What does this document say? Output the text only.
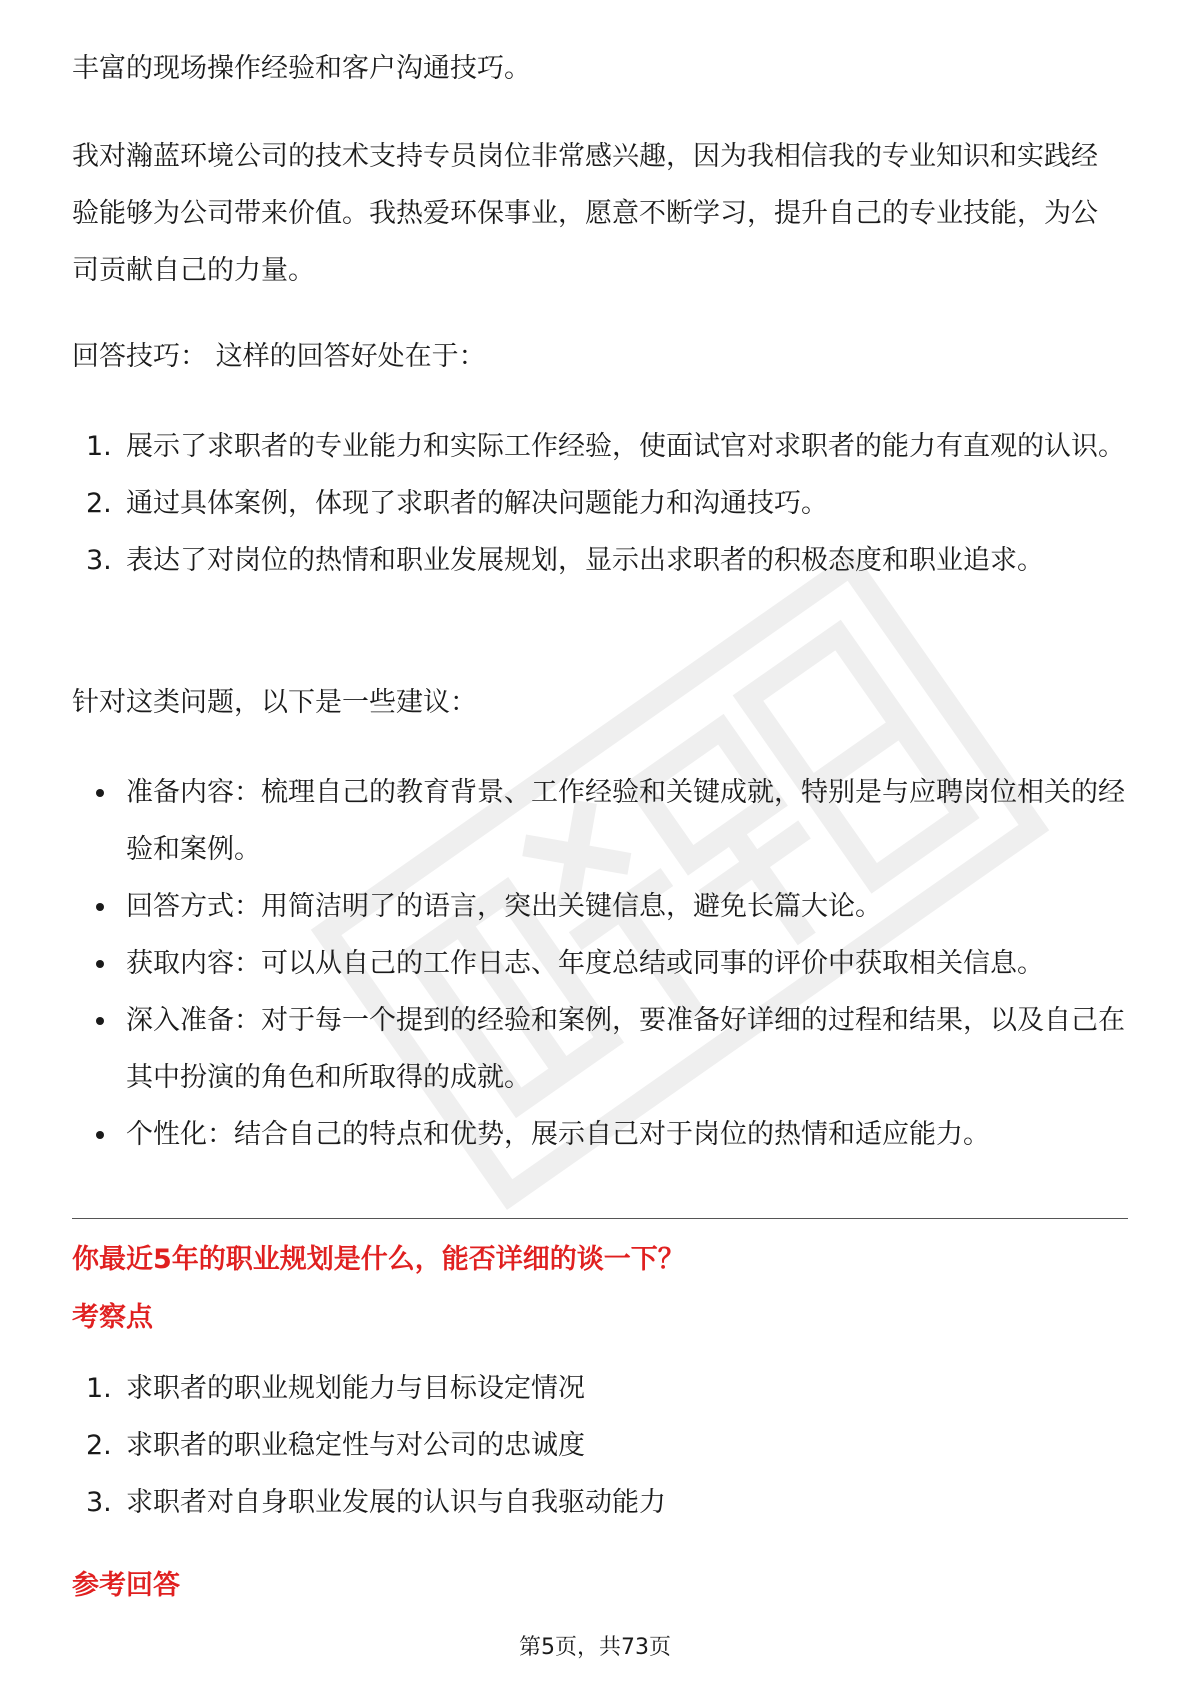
丰富的现场操作经验和客户沟通技巧。

我对瀚蓝环境公司的技术支持专员岗位非常感兴趣，因为我相信我的专业知识和实践经验能够为公司带来价值。我热爱环保事业，愿意不断学习，提升自己的专业技能，为公司贡献自己的力量。

回答技巧： 这样的回答好处在于：

1. 展示了求职者的专业能力和实际工作经验，使面试官对求职者的能力有直观的认识。
2. 通过具体案例，体现了求职者的解决问题能力和沟通技巧。
3. 表达了对岗位的热情和职业发展规划，显示出求职者的积极态度和职业追求。

针对这类问题，以下是一些建议：

准备内容：梳理自己的教育背景、工作经验和关键成就，特别是与应聘岗位相关的经验和案例。
回答方式：用简洁明了的语言，突出关键信息，避免长篇大论。
获取内容：可以从自己的工作日志、年度总结或同事的评价中获取相关信息。
深入准备：对于每一个提到的经验和案例，要准备好详细的过程和结果，以及自己在其中扮演的角色和所取得的成就。
个性化：结合自己的特点和优势，展示自己对于岗位的热情和适应能力。

你最近5年的职业规划是什么，能否详细的谈一下？

考察点

1. 求职者的职业规划能力与目标设定情况
2. 求职者的职业稳定性与对公司的忠诚度
3. 求职者对自身职业发展的认识与自我驱动能力

参考回答

第5页，共73页
